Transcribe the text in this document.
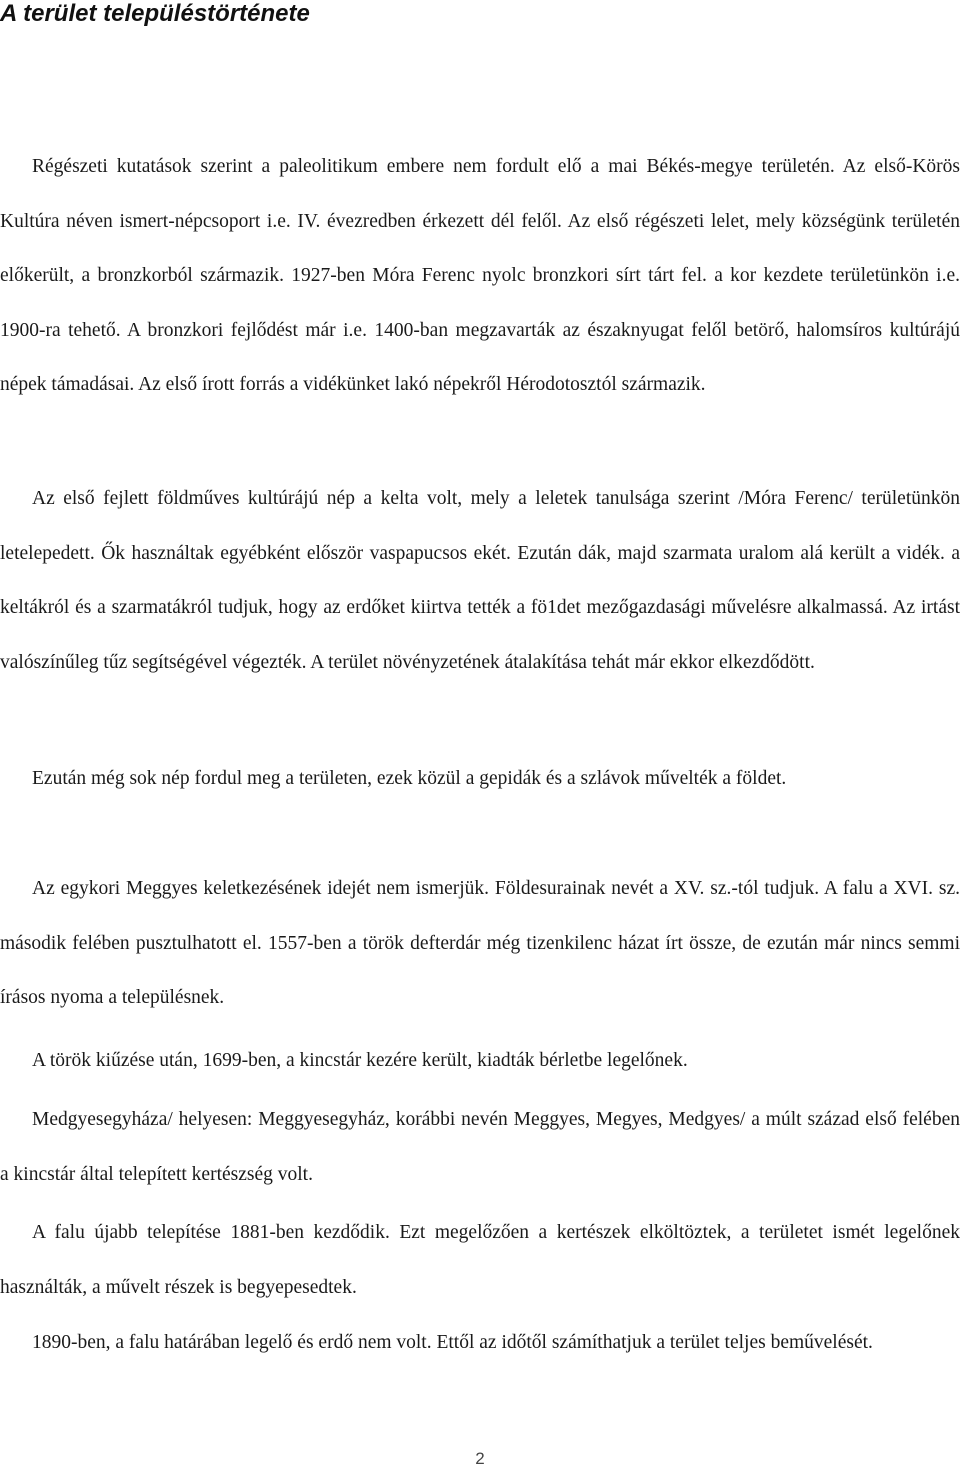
A terület településtörténete

Régészeti kutatások szerint a paleolitikum embere nem fordult elő a mai Békés-megye területén. Az első-Körös Kultúra néven ismert-népcsoport i.e. IV. évezredben érkezett dél felől. Az első régészeti lelet, mely községünk területén előkerült, a bronzkorból származik. 1927-ben Móra Ferenc nyolc bronzkori sírt tárt fel. a kor kezdete területünkön i.e. 1900-ra tehető. A bronzkori fejlődést már i.e. 1400-ban megzavarták az északnyugat felől betörő, halomsíros kultúrájú népek támadásai. Az első írott forrás a vidékünket lakó népekről Hérodotosztól származik.

Az első fejlett földműves kultúrájú nép a kelta volt, mely a leletek tanulsága szerint /Móra Ferenc/ területünkön letelepedett. Ők használtak egyébként először vaspapucsos ekét. Ezután dák, majd szarmata uralom alá került a vidék. a keltákról és a szarmatákról tudjuk, hogy az erdőket kiirtva tették a fö1det mezőgazdasági művelésre alkalmassá. Az irtást valószínűleg tűz segítségével végezték. A terület növényzetének átalakítása tehát már ekkor elkezdődött.

Ezután még sok nép fordul meg a területen, ezek közül a gepidák és a szlávok művelték a földet.

Az egykori Meggyes keletkezésének idejét nem ismerjük. Földesurainak nevét a XV. sz.-tól tudjuk. A falu a XVI. sz. második felében pusztulhatott el. 1557-ben a török defterdár még tizenkilenc házat írt össze, de ezután már nincs semmi írásos nyoma a településnek.

A török kiűzése után, 1699-ben, a kincstár kezére került, kiadták bérletbe legelőnek.

Medgyesegyháza/ helyesen: Meggyesegyház, korábbi nevén Meggyes, Megyes, Medgyes/ a múlt század első felében a kincstár által telepített kertészség volt.

A falu újabb telepítése 1881-ben kezdődik. Ezt megelőzően a kertészek elköltöztek, a területet ismét legelőnek használták, a művelt részek is begyepesedtek.

1890-ben, a falu határában legelő és erdő nem volt. Ettől az időtől számíthatjuk a terület teljes beművelését.

2
